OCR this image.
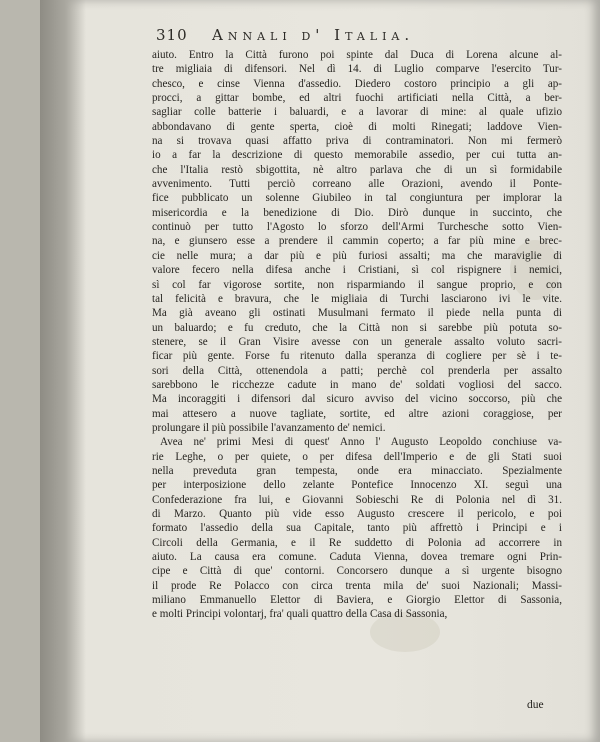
310 Annali d' Italia.
aiuto. Entro la Città furono poi spinte dal Duca di Lorena alcune al-
tre migliaia di difensori. Nel dì 14. di Luglio comparve l'esercito Tur-
chesco, e cinse Vienna d'assedio. Diedero costoro principio a gli ap-
procci, a gittar bombe, ed altri fuochi artificiati nella Città, a ber-
sagliar colle batterie i baluardi, e a lavorar di mine: al quale ufizio
abbondavano di gente sperta, cioè di molti Rinegati; laddove Vien-
na si trovava quasi affatto priva di contraminatori. Non mi fermerò
io a far la descrizione di questo memorabile assedio, per cui tutta an-
che l'Italia restò sbigottita, nè altro parlava che di un sì formidabile
avvenimento. Tutti perciò correano alle Orazioni, avendo il Ponte-
fice pubblicato un solenne Giubileo in tal congiuntura per implorar la
misericordia e la benedizione di Dio. Dirò dunque in succinto, che
continuò per tutto l'Agosto lo sforzo dell'Armi Turchesche sotto Vien-
na, e giunsero esse a prendere il cammin coperto; a far più mine e brec-
cie nelle mura; a dar più e più furiosi assalti; ma che maraviglie di
valore fecero nella difesa anche i Cristiani, sì col rispignere i nemici,
sì col far vigorose sortite, non risparmiando il sangue proprio, e con
tal felicità e bravura, che le migliaia di Turchi lasciarono ivi le vite.
Ma già aveano gli ostinati Musulmani fermato il piede nella punta di
un baluardo; e fu creduto, che la Città non si sarebbe più potuta so-
stenere, se il Gran Visire avesse con un generale assalto voluto sacri-
ficar più gente. Forse fu ritenuto dalla speranza di cogliere per sè i te-
sori della Città, ottenendola a patti; perchè col prenderla per assalto
sarebbono le ricchezze cadute in mano de' soldati vogliosi del sacco.
Ma incoraggiti i difensori dal sicuro avviso del vicino soccorso, più che
mai attesero a nuove tagliate, sortite, ed altre azioni coraggiose, per
prolungare il più possibile l'avanzamento de' nemici.
Avea ne' primi Mesi di quest' Anno l' Augusto Leopoldo conchiuse va-
rie Leghe, o per quiete, o per difesa dell'Imperio e de gli Stati suoi
nella preveduta gran tempesta, onde era minacciato. Spezialmente
per interposizione dello zelante Pontefice Innocenzo XI. seguì una
Confederazione fra lui, e Giovanni Sobieschi Re di Polonia nel dì 31.
di Marzo. Quanto più vide esso Augusto crescere il pericolo, e poi
formato l'assedio della sua Capitale, tanto più affrettò i Principi e i
Circoli della Germania, e il Re suddetto di Polonia ad accorrere in
aiuto. La causa era comune. Caduta Vienna, dovea tremare ogni Prin-
cipe e Città di que' contorni. Concorsero dunque a sì urgente bisogno
il prode Re Polacco con circa trenta mila de' suoi Nazionali; Massi-
miliano Emmanuello Elettor di Baviera, e Giorgio Elettor di Sassonia,
e molti Principi volontarj, fra' quali quattro della Casa di Sassonia,
due
